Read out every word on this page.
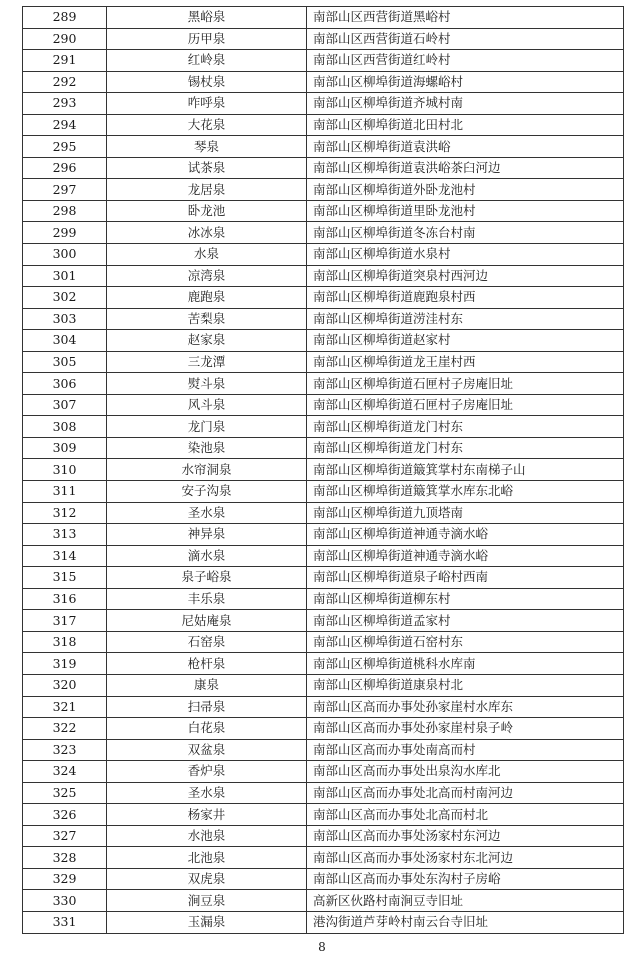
289	黑峪泉	南部山区西营街道黑峪村
290	历甲泉	南部山区西营街道石岭村
291	红岭泉	南部山区西营街道红岭村
292	锡杖泉	南部山区柳埠街道海螺峪村
293	咋呼泉	南部山区柳埠街道齐城村南
294	大花泉	南部山区柳埠街道北田村北
295	琴泉	南部山区柳埠街道袁洪峪
296	试茶泉	南部山区柳埠街道袁洪峪茶臼河边
297	龙居泉	南部山区柳埠街道外卧龙池村
298	卧龙池	南部山区柳埠街道里卧龙池村
299	冰冰泉	南部山区柳埠街道冬冻台村南
300	水泉	南部山区柳埠街道水泉村
301	凉湾泉	南部山区柳埠街道突泉村西河边
302	鹿跑泉	南部山区柳埠街道鹿跑泉村西
303	苦梨泉	南部山区柳埠街道涝洼村东
304	赵家泉	南部山区柳埠街道赵家村
305	三龙潭	南部山区柳埠街道龙王崖村西
306	熨斗泉	南部山区柳埠街道石匣村子房庵旧址
307	风斗泉	南部山区柳埠街道石匣村子房庵旧址
308	龙门泉	南部山区柳埠街道龙门村东
309	染池泉	南部山区柳埠街道龙门村东
310	水帘洞泉	南部山区柳埠街道簸箕掌村东南梯子山
311	安子沟泉	南部山区柳埠街道簸箕掌水库东北峪
312	圣水泉	南部山区柳埠街道九顶塔南
313	神异泉	南部山区柳埠街道神通寺滴水峪
314	滴水泉	南部山区柳埠街道神通寺滴水峪
315	泉子峪泉	南部山区柳埠街道泉子峪村西南
316	丰乐泉	南部山区柳埠街道柳东村
317	尼姑庵泉	南部山区柳埠街道孟家村
318	石窑泉	南部山区柳埠街道石窑村东
319	枪杆泉	南部山区柳埠街道桃科水库南
320	康泉	南部山区柳埠街道康泉村北
321	扫帚泉	南部山区高而办事处孙家崖村水库东
322	白花泉	南部山区高而办事处孙家崖村泉子岭
323	双盆泉	南部山区高而办事处南高而村
324	香炉泉	南部山区高而办事处出泉沟水库北
325	圣水泉	南部山区高而办事处北高而村南河边
326	杨家井	南部山区高而办事处北高而村北
327	水池泉	南部山区高而办事处汤家村东河边
328	北池泉	南部山区高而办事处汤家村东北河边
329	双虎泉	南部山区高而办事处东沟村子房峪
330	涧豆泉	高新区伙路村南涧豆寺旧址
331	玉漏泉	港沟街道芦芽岭村南云台寺旧址
8
